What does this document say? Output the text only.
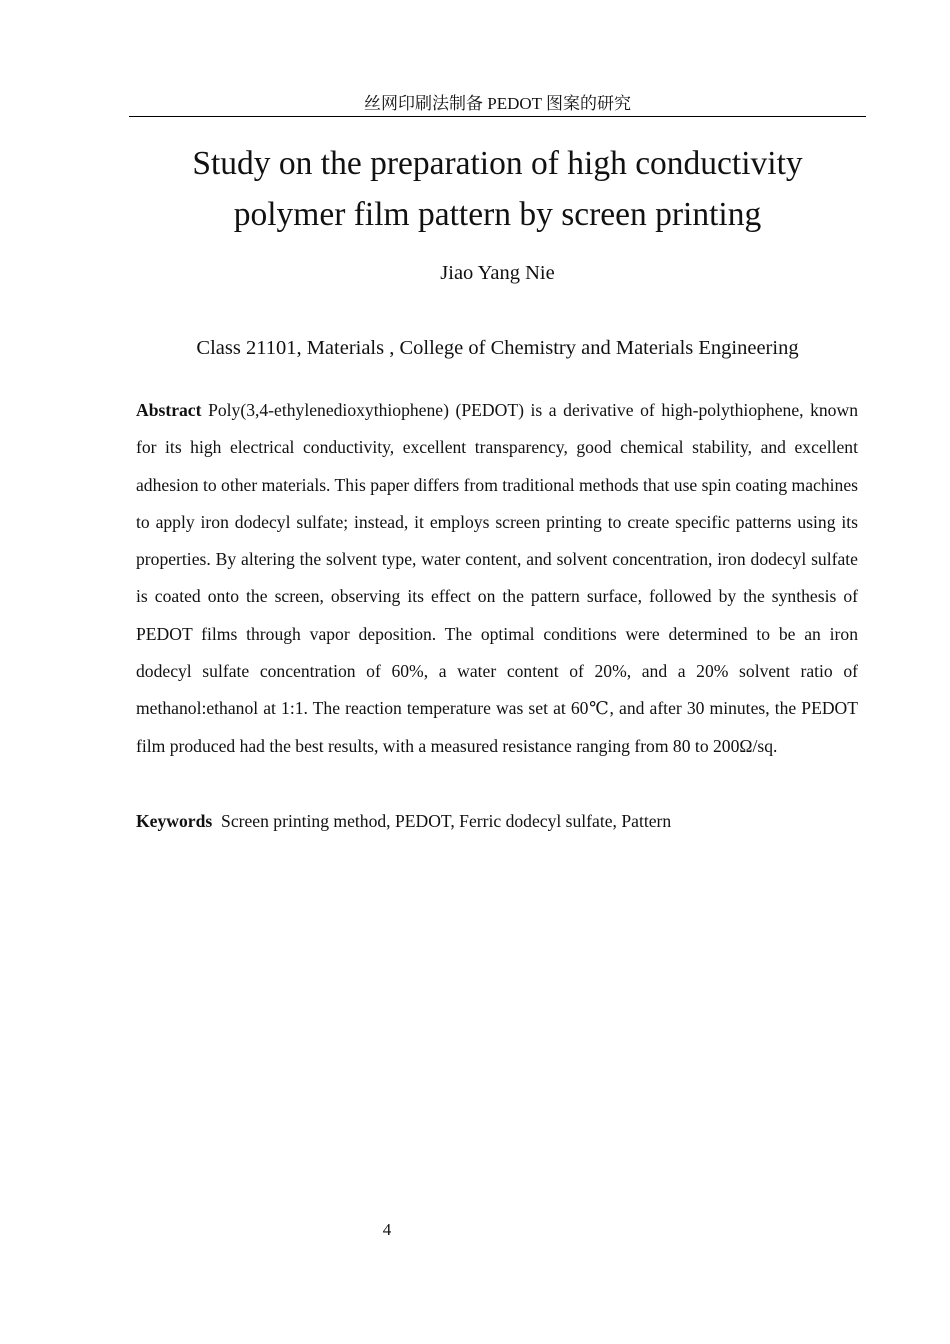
丝网印刷法制备 PEDOT 图案的研究
Study on the preparation of high conductivity
polymer film pattern by screen printing
Jiao Yang Nie
Class 21101, Materials , College of Chemistry and Materials Engineering

Abstract Poly(3,4-ethylenedioxythiophene) (PEDOT) is a derivative of high-polythiophene, known for its high electrical conductivity, excellent transparency, good chemical stability, and excellent adhesion to other materials. This paper differs from traditional methods that use spin coating machines to apply iron dodecyl sulfate; instead, it employs screen printing to create specific patterns using its properties. By altering the solvent type, water content, and solvent concentration, iron dodecyl sulfate is coated onto the screen, observing its effect on the pattern surface, followed by the synthesis of PEDOT films through vapor deposition. The optimal conditions were determined to be an iron dodecyl sulfate concentration of 60%, a water content of 20%, and a 20% solvent ratio of methanol:ethanol at 1:1. The reaction temperature was set at 60℃, and after 30 minutes, the PEDOT film produced had the best results, with a measured resistance ranging from 80 to 200Ω/sq.

Keywords Screen printing method, PEDOT, Ferric dodecyl sulfate, Pattern

4
